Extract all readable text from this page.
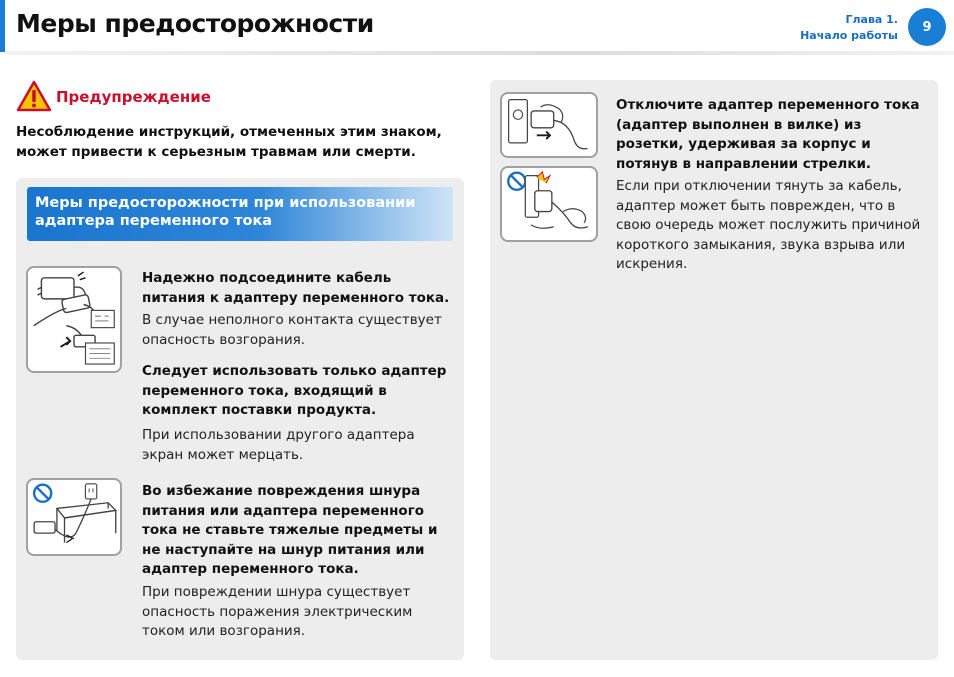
Меры предосторожности	Глава 1.
Начало работы
9
Предупреждение
Несоблюдение инструкций, отмеченных этим знаком, может привести к серьезным травмам или смерти.
Меры предосторожности при использовании адаптера переменного тока
Надежно подсоедините кабель питания к адаптеру переменного тока.
В случае неполного контакта существует опасность возгорания.
Следует использовать только адаптер переменного тока, входящий в комплект поставки продукта.
При использовании другого адаптера экран может мерцать.
Во избежание повреждения шнура питания или адаптера переменного тока не ставьте тяжелые предметы и не наступайте на шнур питания или адаптер переменного тока.
При повреждении шнура существует опасность поражения электрическим током или возгорания.
Отключите адаптер переменного тока (адаптер выполнен в вилке) из розетки, удерживая за корпус и потянув в направлении стрелки.
Если при отключении тянуть за кабель, адаптер может быть поврежден, что в свою очередь может послужить причиной короткого замыкания, звука взрыва или искрения.
